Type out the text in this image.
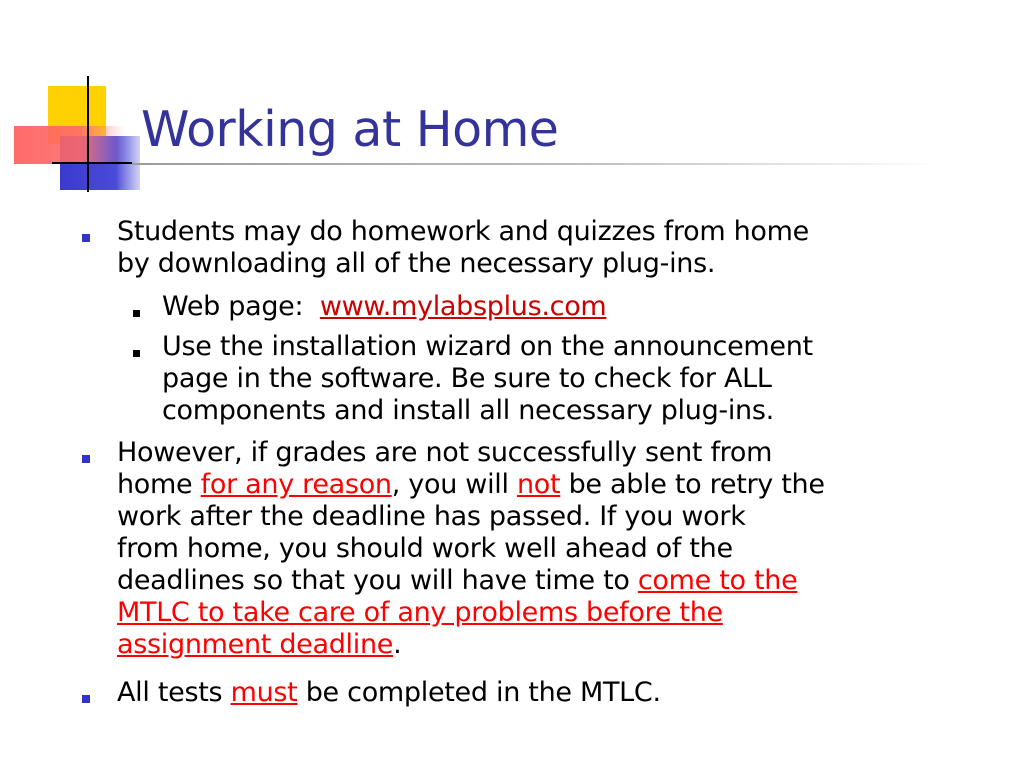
Working at Home
Students may do homework and quizzes from home
by downloading all of the necessary plug-ins.
Web page: www.mylabsplus.com
Use the installation wizard on the announcement
page in the software. Be sure to check for ALL
components and install all necessary plug-ins.
However, if grades are not successfully sent from
home for any reason, you will not be able to retry the
work after the deadline has passed. If you work
from home, you should work well ahead of the
deadlines so that you will have time to come to the
MTLC to take care of any problems before the
assignment deadline.
All tests must be completed in the MTLC.
